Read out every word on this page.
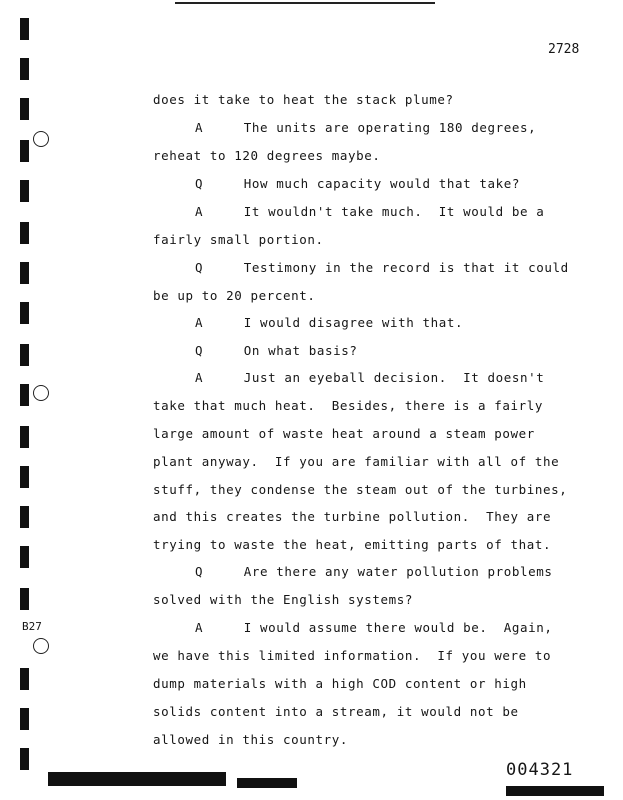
2728
B27
does it take to heat the stack plume?
A     The units are operating 180 degrees,
reheat to 120 degrees maybe.
Q     How much capacity would that take?
A     It wouldn't take much.  It would be a
fairly small portion.
Q     Testimony in the record is that it could
be up to 20 percent.
A     I would disagree with that.
Q     On what basis?
A     Just an eyeball decision.  It doesn't
take that much heat.  Besides, there is a fairly
large amount of waste heat around a steam power
plant anyway.  If you are familiar with all of the
stuff, they condense the steam out of the turbines,
and this creates the turbine pollution.  They are
trying to waste the heat, emitting parts of that.
Q     Are there any water pollution problems
solved with the English systems?
A     I would assume there would be.  Again,
we have this limited information.  If you were to
dump materials with a high COD content or high
solids content into a stream, it would not be
allowed in this country.
004321
